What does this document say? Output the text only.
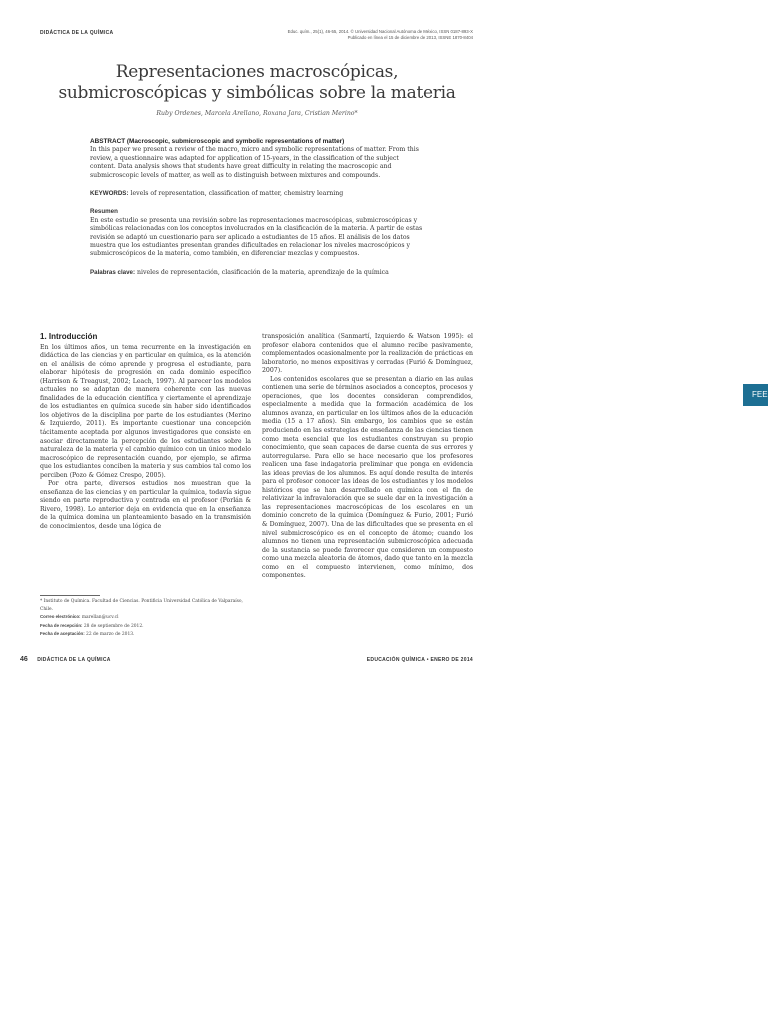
DIDÁCTICA DE LA QUÍMICA	Educ. quím., 25(1), 46-55, 2014. © Universidad Nacional Autónoma de México, ISSN 0187-893-X
Publicado en línea el 15 de diciembre de 2013, ISSNE 1870-8404
Representaciones macroscópicas,
submicroscópicas y simbólicas sobre la materia
Ruby Ordenes, Marcela Arellano, Roxana Jara, Cristian Merino*

ABSTRACT (Macroscopic, submicroscopic and symbolic representations of matter)
In this paper we present a review of the macro, micro and symbolic representations of matter. From this review, a questionnaire was adapted for application of 15-years, in the classification of the subject content. Data analysis shows that students have great difficulty in relating the macroscopic and submicroscopic levels of matter, as well as to distinguish between mixtures and compounds.

KEYWORDS: levels of representation, classification of matter, chemistry learning

Resumen
En este estudio se presenta una revisión sobre las representaciones macroscópicas, submicroscópicas y simbólicas relacionadas con los conceptos involucrados en la clasificación de la materia. A partir de estas revisión se adaptó un cuestionario para ser aplicado a estudiantes de 15 años. El análisis de los datos muestra que los estudiantes presentan grandes dificultades en relacionar los niveles macroscópicos y submicroscópicos de la materia, como también, en diferenciar mezclas y compuestos.

Palabras clave: niveles de representación, clasificación de la materia, aprendizaje de la química

1. Introducción

En los últimos años, un tema recurrente en la investigación en didáctica de las ciencias y en particular en química, es la atención en el análisis de cómo aprende y progresa el estudiante, para elaborar hipótesis de progresión en cada dominio específico (Harrison & Treagust, 2002; Leach, 1997). Al parecer los modelos actuales no se adaptan de manera coherente con las nuevas finalidades de la educación científica y ciertamente el aprendizaje de los estudiantes en química sucede sin haber sido identificados los objetivos de la disciplina por parte de los estudiantes (Merino & Izquierdo, 2011). Es importante cuestionar una concepción tácitamente aceptada por algunos investigadores que consiste en asociar directamente la percepción de los estudiantes sobre la naturaleza de la materia y el cambio químico con un único modelo macroscópico de representación cuando, por ejemplo, se afirma que los estudiantes conciben la materia y sus cambios tal como los perciben (Pozo & Gómez Crespo, 2005).

Por otra parte, diversos estudios nos muestran que la enseñanza de las ciencias y en particular la química, todavía sigue siendo en parte reproductiva y centrada en el profesor (Porlán & Rivero, 1998). Lo anterior deja en evidencia que en la enseñanza de la química domina un planteamiento basado en la transmisión de conocimientos, desde una lógica de

transposición analítica (Sanmartí, Izquierdo & Watson 1995): el profesor elabora contenidos que el alumno recibe pasivamente, complementados ocasionalmente por la realización de prácticas en laboratorio, no menos expositivas y cerradas (Furió & Domínguez, 2007).

Los contenidos escolares que se presentan a diario en las aulas contienen una serie de términos asociados a conceptos, procesos y operaciones, que los docentes consideran comprendidos, especialmente a medida que la formación académica de los alumnos avanza, en particular en los últimos años de la educación media (15 a 17 años). Sin embargo, los cambios que se están produciendo en las estrategias de enseñanza de las ciencias tienen como meta esencial que los estudiantes construyan su propio conocimiento, que sean capaces de darse cuenta de sus errores y autorregularse. Para ello se hace necesario que los profesores realicen una fase indagatoria preliminar que ponga en evidencia las ideas previas de los alumnos. Es aquí donde resulta de interés para el profesor conocer las ideas de los estudiantes y los modelos históricos que se han desarrollado en química con el fin de relativizar la infravaloración que se suele dar en la investigación a las representaciones macroscópicas de los escolares en un dominio concreto de la química (Domínguez & Furio, 2001; Furió & Domínguez, 2007). Una de las dificultades que se presenta en el nivel submicroscópico es en el concepto de átomo; cuando los alumnos no tienen una representación submicroscópica adecuada de la sustancia se puede favorecer que consideren un compuesto como una mezcla aleatoria de átomos, dado que tanto en la mezcla como en el compuesto intervienen, como mínimo, dos componentes.

* Instituto de Química. Facultad de Ciencias. Pontificia Universidad Católica de Valparaíso, Chile.
Correo electrónico: marellan@ucv.cl
Fecha de recepción: 28 de septiembre de 2012.
Fecha de aceptación: 22 de marzo de 2013.
46 DIDÁCTICA DE LA QUÍMICA	EDUCACIÓN QUÍMICA • ENERO DE 2014
FEE
